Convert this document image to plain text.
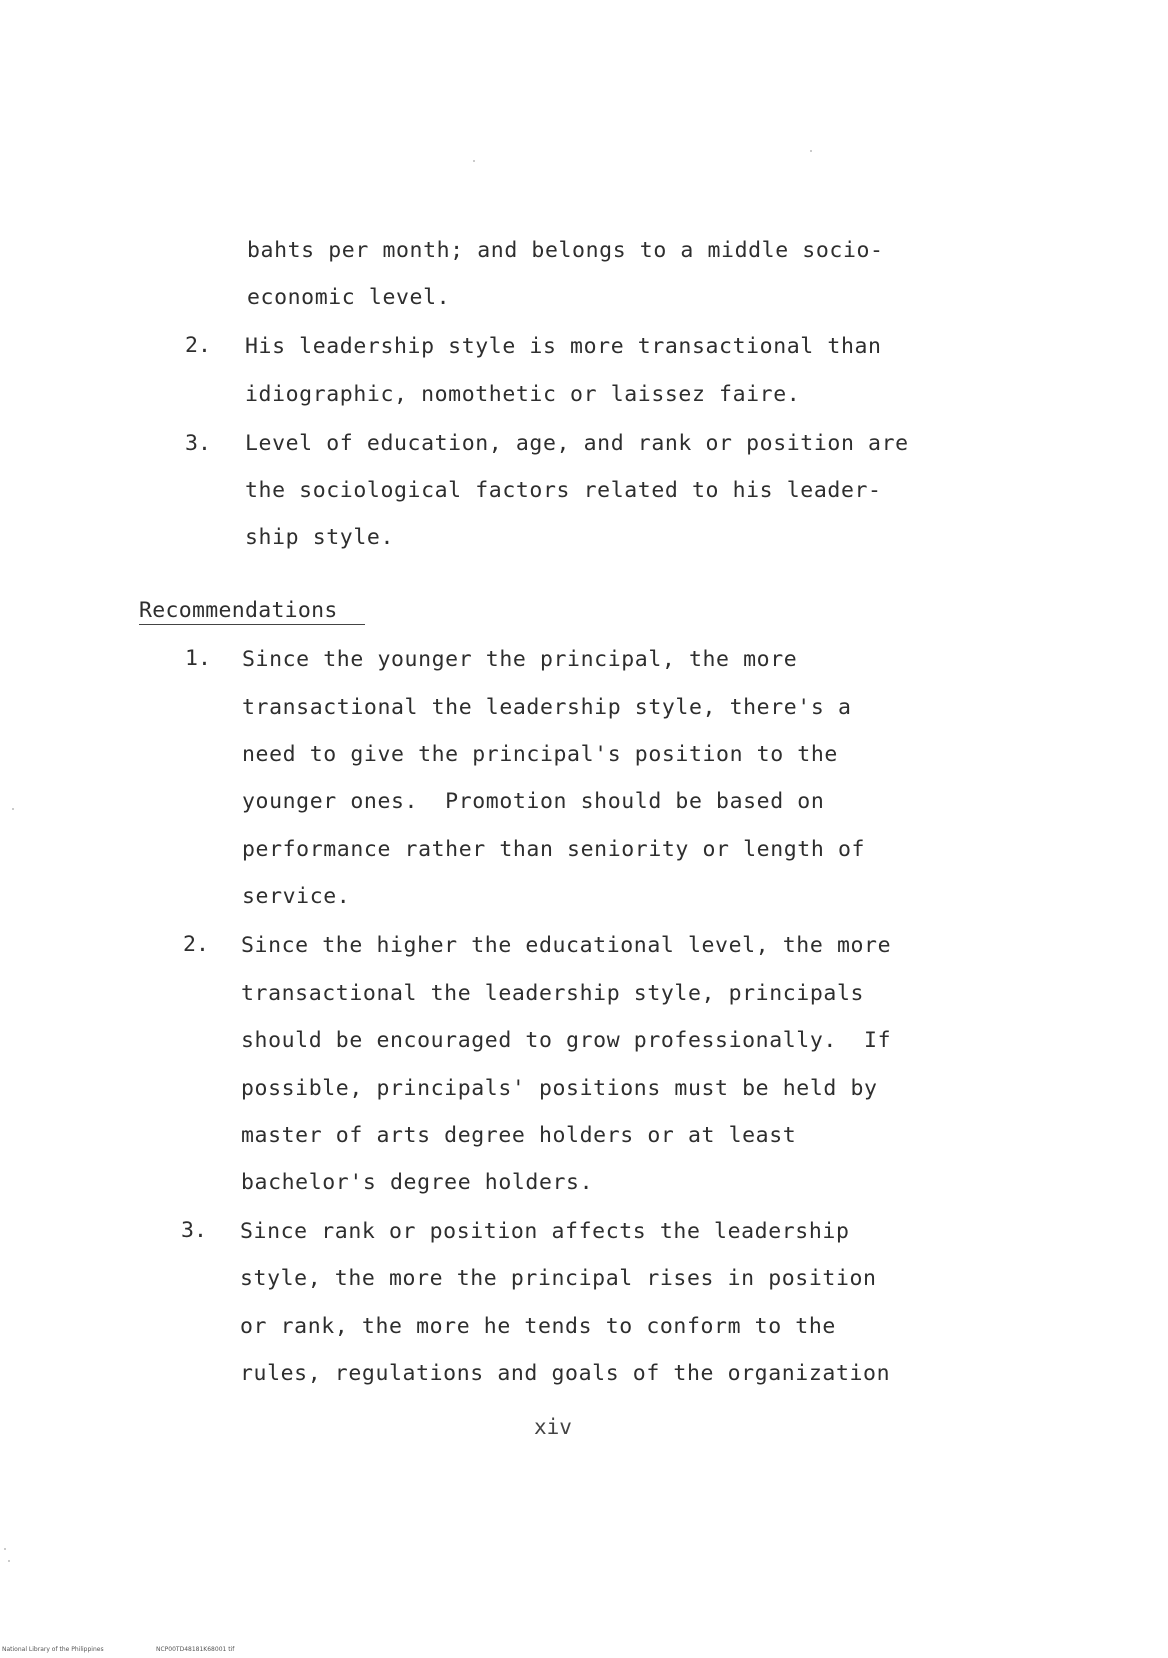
bahts per month; and belongs to a middle socio-
economic level.
2. His leadership style is more transactional than
idiographic, nomothetic or laissez faire.
3. Level of education, age, and rank or position are
the sociological factors related to his leader-
ship style.
Recommendations
1. Since the younger the principal, the more
transactional the leadership style, there's a
need to give the principal's position to the
younger ones.  Promotion should be based on
performance rather than seniority or length of
service.
2. Since the higher the educational level, the more
transactional the leadership style, principals
should be encouraged to grow professionally.  If
possible, principals' positions must be held by
master of arts degree holders or at least
bachelor's degree holders.
3. Since rank or position affects the leadership
style, the more the principal rises in position
or rank, the more he tends to conform to the
rules, regulations and goals of the organization
xiv
National Library of the Philippines	NCP00TD48181K68001 tif
